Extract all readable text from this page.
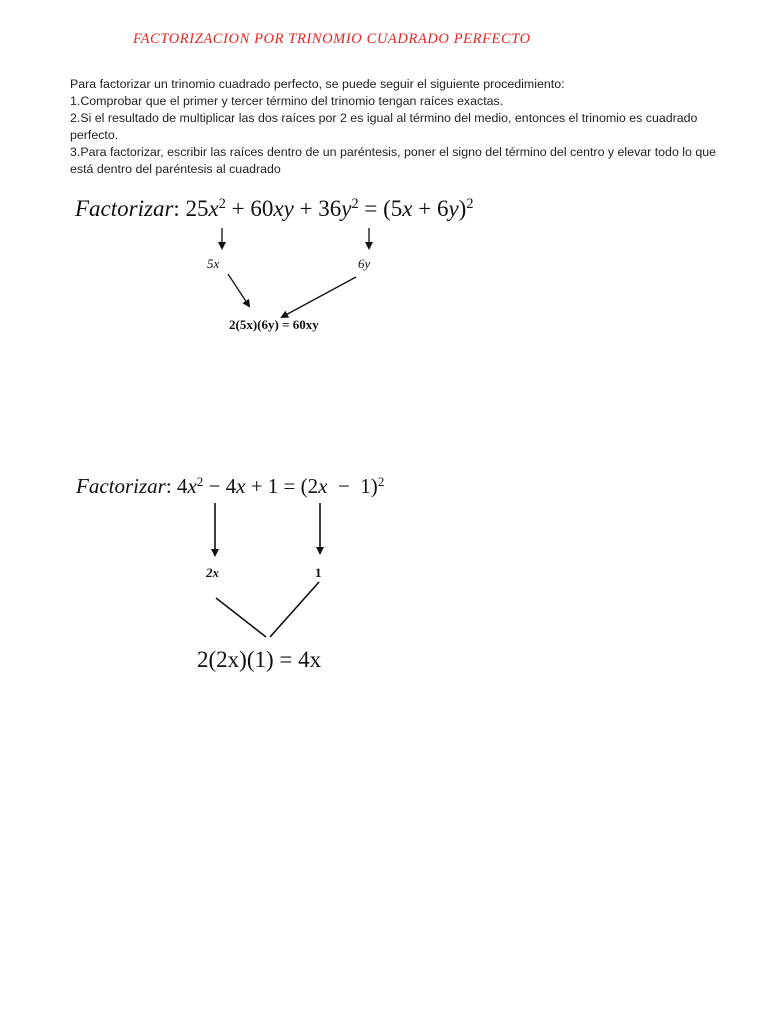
FACTORIZACION POR TRINOMIO CUADRADO PERFECTO

Para factorizar un trinomio cuadrado perfecto, se puede seguir el siguiente procedimiento:

1.Comprobar que el primer y tercer término del trinomio tengan raíces exactas.

2.Si el resultado de multiplicar las dos raíces por 2 es igual al término del medio, entonces el trinomio es cuadrado perfecto.

3.Para factorizar, escribir las raíces dentro de un paréntesis, poner el signo del término del centro y elevar todo lo que está dentro del paréntesis al cuadrado

Factorizar: $25x^2 + 60xy + 36y^2 = (5x + 6y)^2$
5x	6y
2(5x)(6y) = 60xy
Factorizar: $4x^2 - 4x + 1 = (2x - 1)^2$
2x	1
2(2x)(1) = 4x
